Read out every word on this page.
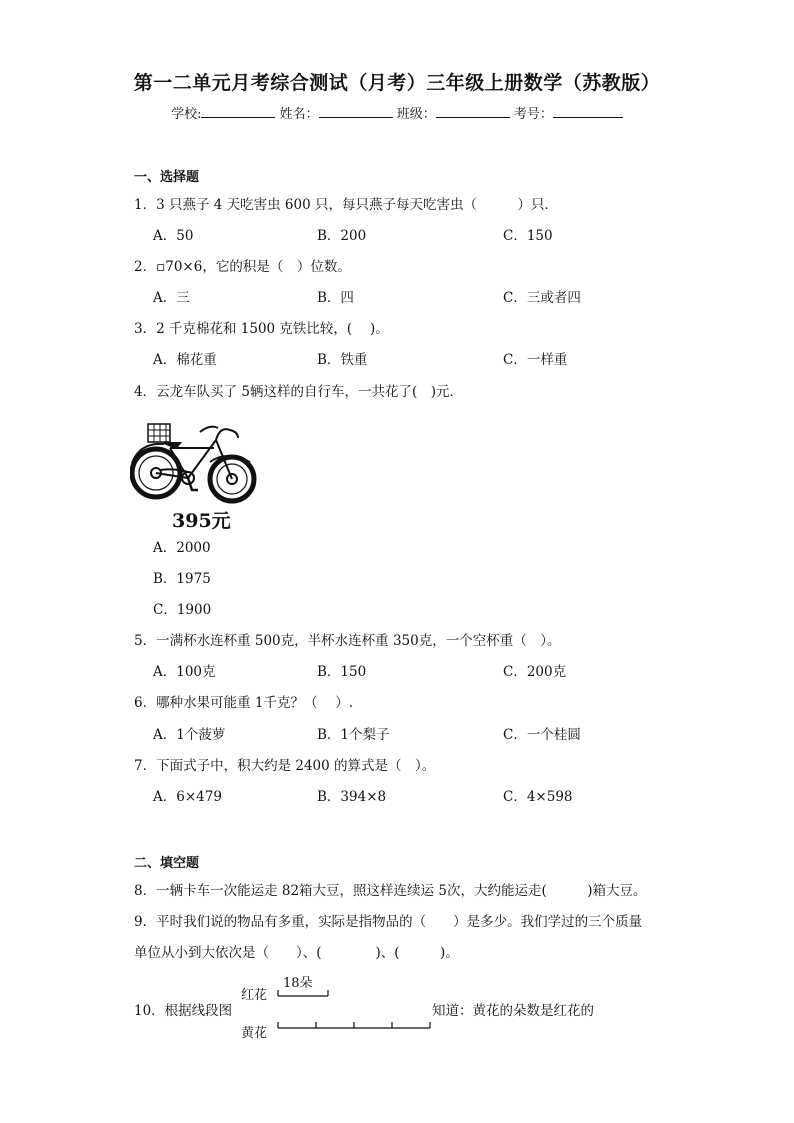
第一二单元月考综合测试（月考）三年级上册数学（苏教版）
学校:	姓名：	班级：	考号：
一、选择题
1．3 只燕子 4 天吃害虫 600 只，每只燕子每天吃害虫（　　　）只．
A．50	B．200	C．150
2．▫70×6，它的积是（　）位数。
A．三	B．四	C．三或者四
3．2 千克棉花和 1500 克铁比较，(　 )。
A．棉花重	B．铁重	C．一样重
4．云龙车队买了 5辆这样的自行车，一共花了(　)元．
395元
A．2000
B．1975
C．1900
5．一满杯水连杯重 500克，半杯水连杯重 350克，一个空杯重（　）。
A．100克	B．150	C．200克
6．哪种水果可能重 1千克？（　 ）.
A．1个菠萝	B．1个梨子	C．一个桂圆
7．下面式子中，积大约是 2400 的算式是（　）。
A．6×479	B．394×8	C．4×598
二、填空题
8．一辆卡车一次能运走 82箱大豆，照这样连续运 5次，大约能运走(　　　)箱大豆。
9．平时我们说的物品有多重，实际是指物品的（　　）是多少。我们学过的三个质量
单位从小到大依次是（　　）、(　　　　)、(　　　)。
红花
10．根据线段图	知道：黄花的朵数是红花的
黄花
18朵
